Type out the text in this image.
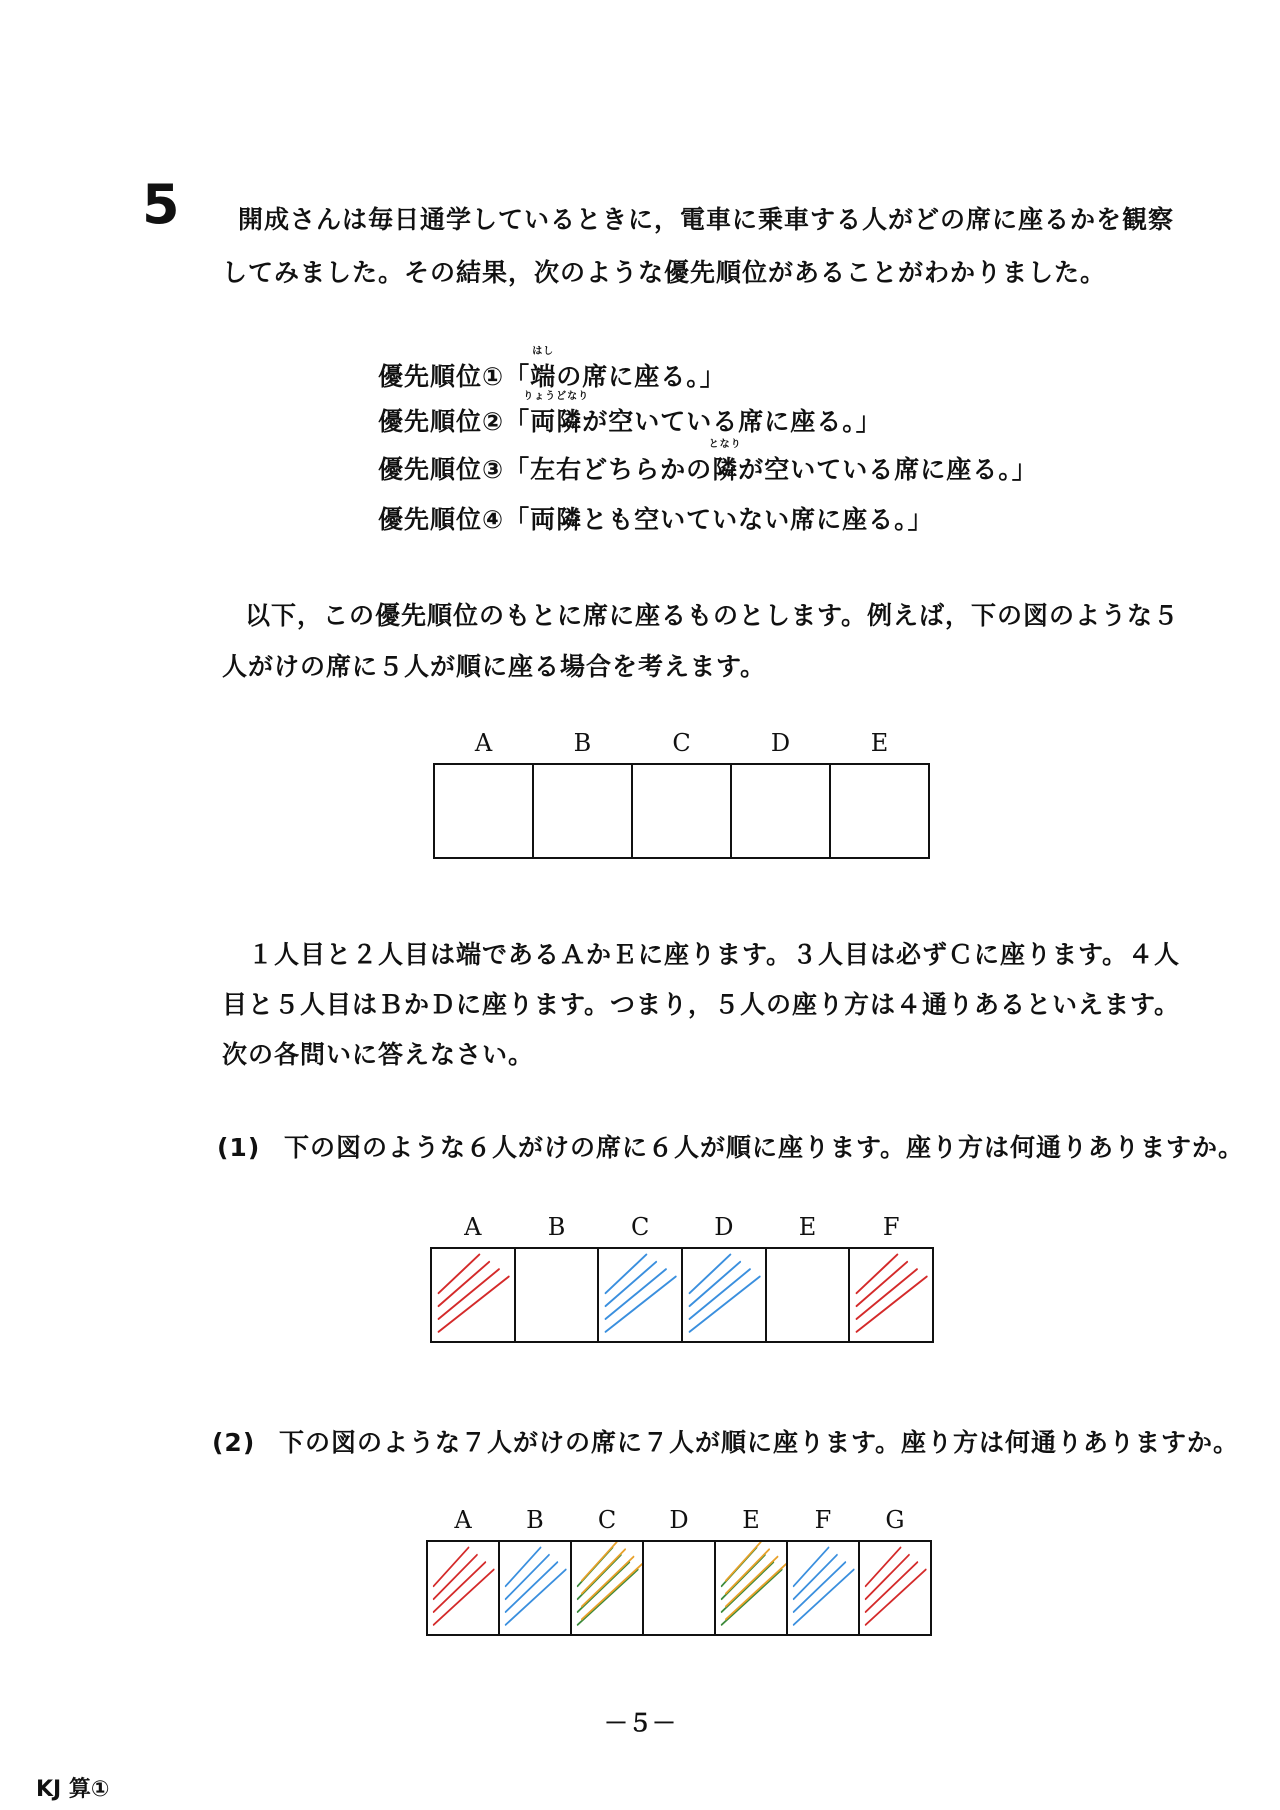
5 開成さんは毎日通学しているときに，電車に乗車する人がどの席に座るかを観察
してみました。その結果，次のような優先順位があることがわかりました。
優先順位①「
はし
端の席に座る。」
優先順位②「
りょうどなり
両隣が空いている席に座る。」
優先順位③「左右どちらかの
となり
隣が空いている席に座る。」
優先順位④「両隣とも空いていない席に座る。」
以下，この優先順位のもとに席に座るものとします。例えば，下の図のような５
人がけの席に５人が順に座る場合を考えます。
A	B	C	D	E
１人目と２人目は端であるＡかＥに座ります。３人目は必ずＣに座ります。４人
目と５人目はＢかＤに座ります。つまり，５人の座り方は４通りあるといえます。
次の各問いに答えなさい。
(1) 下の図のような６人がけの席に６人が順に座ります。座り方は何通りありますか。
A	B	C	D	E	F
(2) 下の図のような７人がけの席に７人が順に座ります。座り方は何通りありますか。
A	B	C	D	E	F	G
－５－
KJ 算①
